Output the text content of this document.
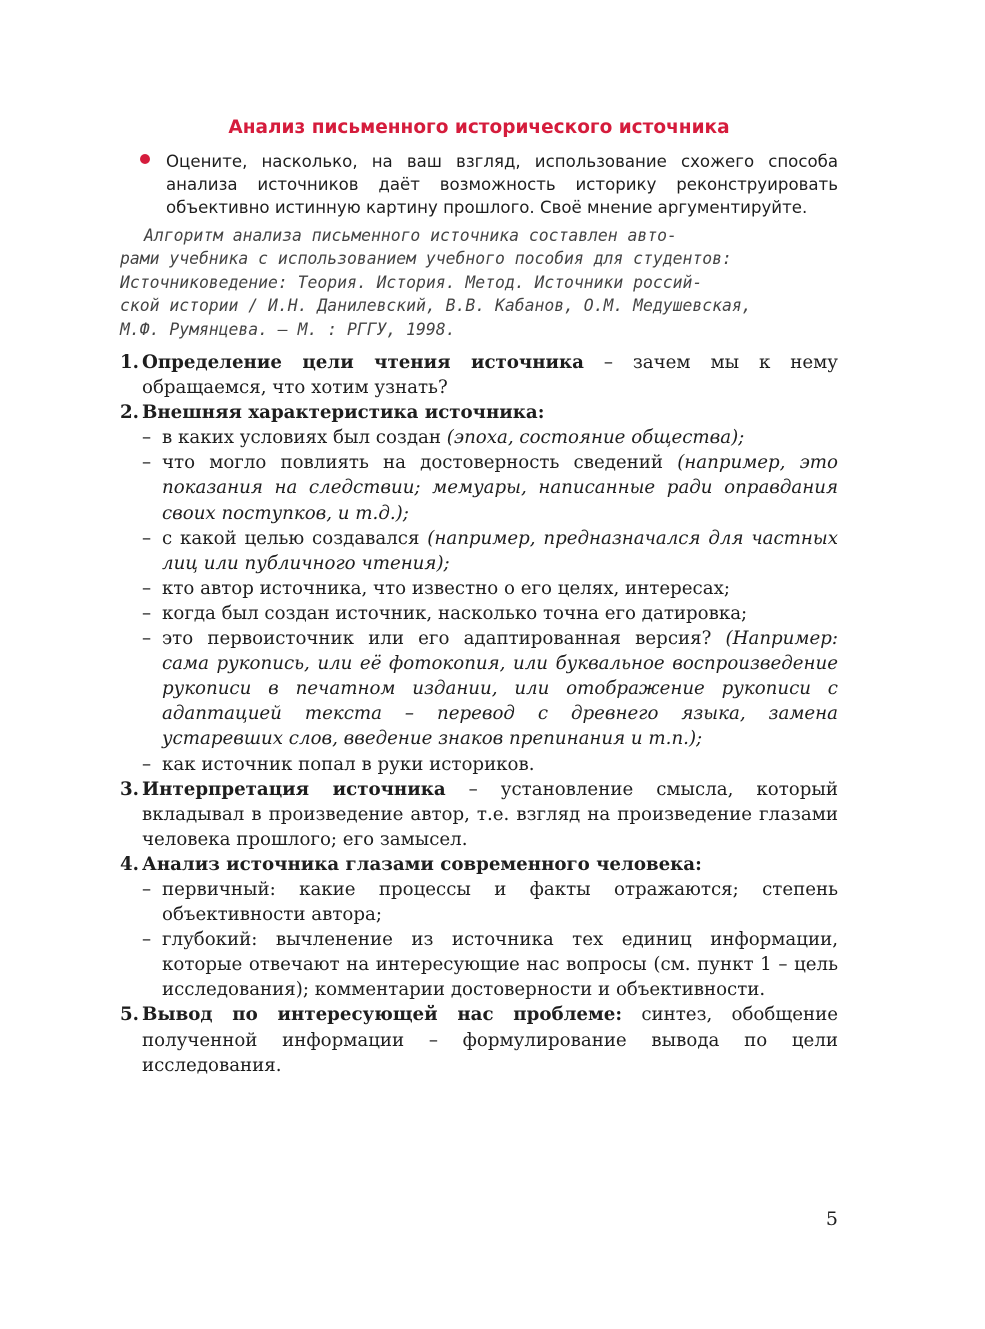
Анализ письменного исторического источника
Оцените, насколько, на ваш взгляд, использование схожего способа анализа источников даёт возможность историку реконструировать объективно истинную картину прошлого. Своё мнение аргументируйте.
Алгоритм анализа письменного источника составлен авто-
рами учебника с использованием учебного пособия для студентов:
Источниковедение: Теория. История. Метод. Источники россий-
ской истории / И.Н. Данилевский, В.В. Кабанов, О.М. Медушевская,
М.Ф. Румянцева. – М. : РГГУ, 1998.
1. Определение цели чтения источника – зачем мы к нему обращаемся, что хотим узнать?
2. Внешняя характеристика источника:
– в каких условиях был создан (эпоха, состояние общества);
– что могло повлиять на достоверность сведений (например, это показания на следствии; мемуары, написанные ради оправдания своих поступков, и т.д.);
– с какой целью создавался (например, предназначался для частных лиц или публичного чтения);
– кто автор источника, что известно о его целях, интересах;
– когда был создан источник, насколько точна его датировка;
– это первоисточник или его адаптированная версия? (Например: сама рукопись, или её фотокопия, или буквальное воспроизведение рукописи в печатном издании, или отображение рукописи с адаптацией текста – перевод с древнего языка, замена устаревших слов, введение знаков препинания и т.п.);
– как источник попал в руки историков.
3. Интерпретация источника – установление смысла, который вкладывал в произведение автор, т.е. взгляд на произведение глазами человека прошлого; его замысел.
4. Анализ источника глазами современного человека:
– первичный: какие процессы и факты отражаются; степень объективности автора;
– глубокий: вычленение из источника тех единиц информации, которые отвечают на интересующие нас вопросы (см. пункт 1 – цель исследования); комментарии достоверности и объективности.
5. Вывод по интересующей нас проблеме: синтез, обобщение полученной информации – формулирование вывода по цели исследования.
5
